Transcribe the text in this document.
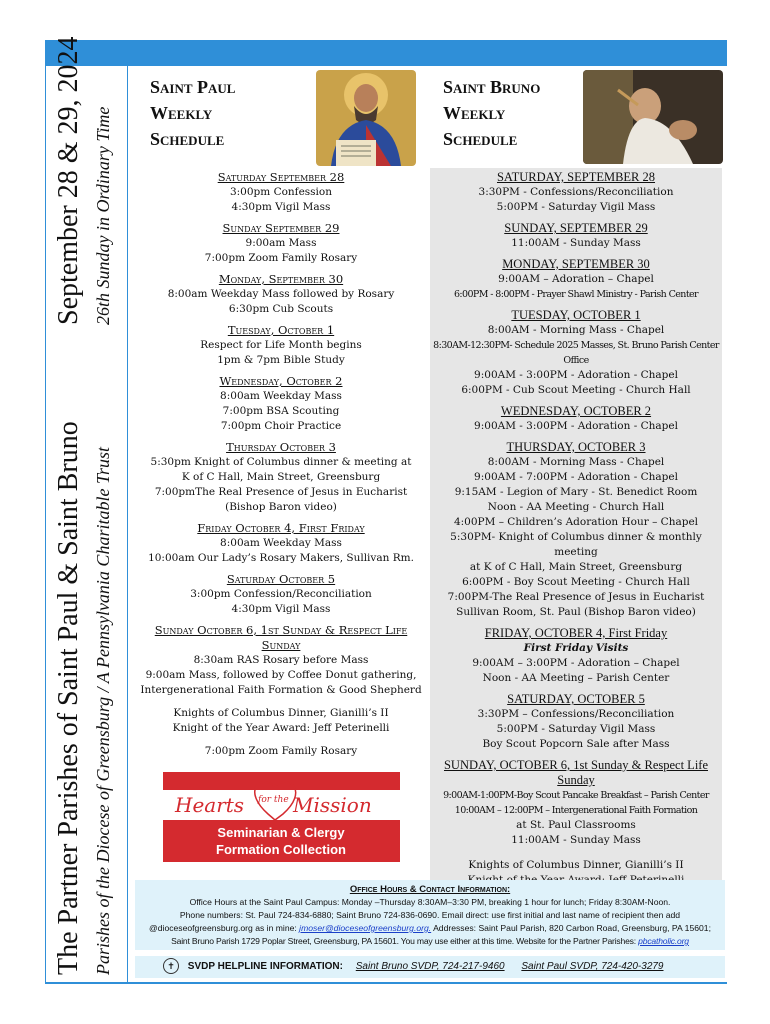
The Partner Parishes of Saint Paul & Saint Bruno Parishes of the Diocese of Greensburg / A Pennsylvania Charitable Trust
September 28 & 29, 2024 26th Sunday in Ordinary Time
Saint Paul
Weekly
Schedule
Saint Bruno
Weekly
Schedule
Saturday September 28
3:00pm Confession
4:30pm Vigil Mass
Sunday September 29
9:00am Mass
7:00pm Zoom Family Rosary
Monday, September 30
8:00am Weekday Mass followed by Rosary
6:30pm Cub Scouts
Tuesday, October 1
Respect for Life Month begins
1pm & 7pm Bible Study
Wednesday, October 2
8:00am Weekday Mass
7:00pm BSA Scouting
7:00pm Choir Practice
Thursday October 3
5:30pm Knight of Columbus dinner & meeting at
K of C Hall, Main Street, Greensburg
7:00pmThe Real Presence of Jesus in Eucharist
(Bishop Baron video)
Friday October 4, First Friday
8:00am Weekday Mass
10:00am Our Lady’s Rosary Makers, Sullivan Rm.
Saturday October 5
3:00pm Confession/Reconciliation
4:30pm Vigil Mass
Sunday October 6, 1st Sunday & Respect Life Sunday
8:30am RAS Rosary before Mass
9:00am Mass, followed by Coffee Donut gathering,
Intergenerational Faith Formation & Good Shepherd
Knights of Columbus Dinner, Gianilli’s II
Knight of the Year Award: Jeff Peterinelli
7:00pm Zoom Family Rosary
Hearts for the Mission
Seminarian & Clergy
Formation Collection
SATURDAY, SEPTEMBER 28
3:30PM - Confessions/Reconciliation
5:00PM - Saturday Vigil Mass
SUNDAY, SEPTEMBER 29
11:00AM - Sunday Mass
MONDAY, SEPTEMBER 30
9:00AM – Adoration – Chapel
6:00PM - 8:00PM - Prayer Shawl Ministry - Parish Center
TUESDAY, OCTOBER 1
8:00AM - Morning Mass - Chapel
8:30AM-12:30PM- Schedule 2025 Masses, St. Bruno Parish Center Office
9:00AM - 3:00PM - Adoration - Chapel
6:00PM - Cub Scout Meeting - Church Hall
WEDNESDAY, OCTOBER 2
9:00AM - 3:00PM - Adoration - Chapel
THURSDAY, OCTOBER 3
8:00AM - Morning Mass - Chapel
9:00AM - 7:00PM - Adoration - Chapel
9:15AM - Legion of Mary - St. Benedict Room
Noon - AA Meeting - Church Hall
4:00PM – Children’s Adoration Hour – Chapel
5:30PM- Knight of Columbus dinner & monthly meeting
at K of C Hall, Main Street, Greensburg
6:00PM - Boy Scout Meeting - Church Hall
7:00PM-The Real Presence of Jesus in Eucharist
Sullivan Room, St. Paul (Bishop Baron video)
FRIDAY, OCTOBER 4, First Friday
First Friday Visits
9:00AM – 3:00PM - Adoration – Chapel
Noon - AA Meeting – Parish Center
SATURDAY, OCTOBER 5
3:30PM – Confessions/Reconciliation
5:00PM - Saturday Vigil Mass
Boy Scout Popcorn Sale after Mass
SUNDAY, OCTOBER 6, 1st Sunday & Respect Life Sunday
9:00AM-1:00PM-Boy Scout Pancake Breakfast – Parish Center
10:00AM – 12:00PM – Intergenerational Faith Formation
at St. Paul Classrooms
11:00AM - Sunday Mass
Knights of Columbus Dinner, Gianilli’s II
Office Hours & Contact Information:
Office Hours at the Saint Paul Campus: Monday –Thursday 8:30AM–3:30 PM, breaking 1 hour for lunch; Friday 8:30AM-Noon.
Phone numbers: St. Paul 724-834-6880; Saint Bruno 724-836-0690. Email direct: use first initial and last name of recipient then add
@dioceseofgreensburg.org as in mine: jmoser@dioceseofgreensburg.org. Addresses: Saint Paul Parish, 820 Carbon Road, Greensburg, PA 15601;
Saint Bruno Parish 1729 Poplar Street, Greensburg, PA 15601. You may use either at this time. Website for the Partner Parishes: pbcatholic.org
✝ SVDP HELPLINE INFORMATION: Saint Bruno SVDP, 724-217-9460 Saint Paul SVDP, 724-420-3279
